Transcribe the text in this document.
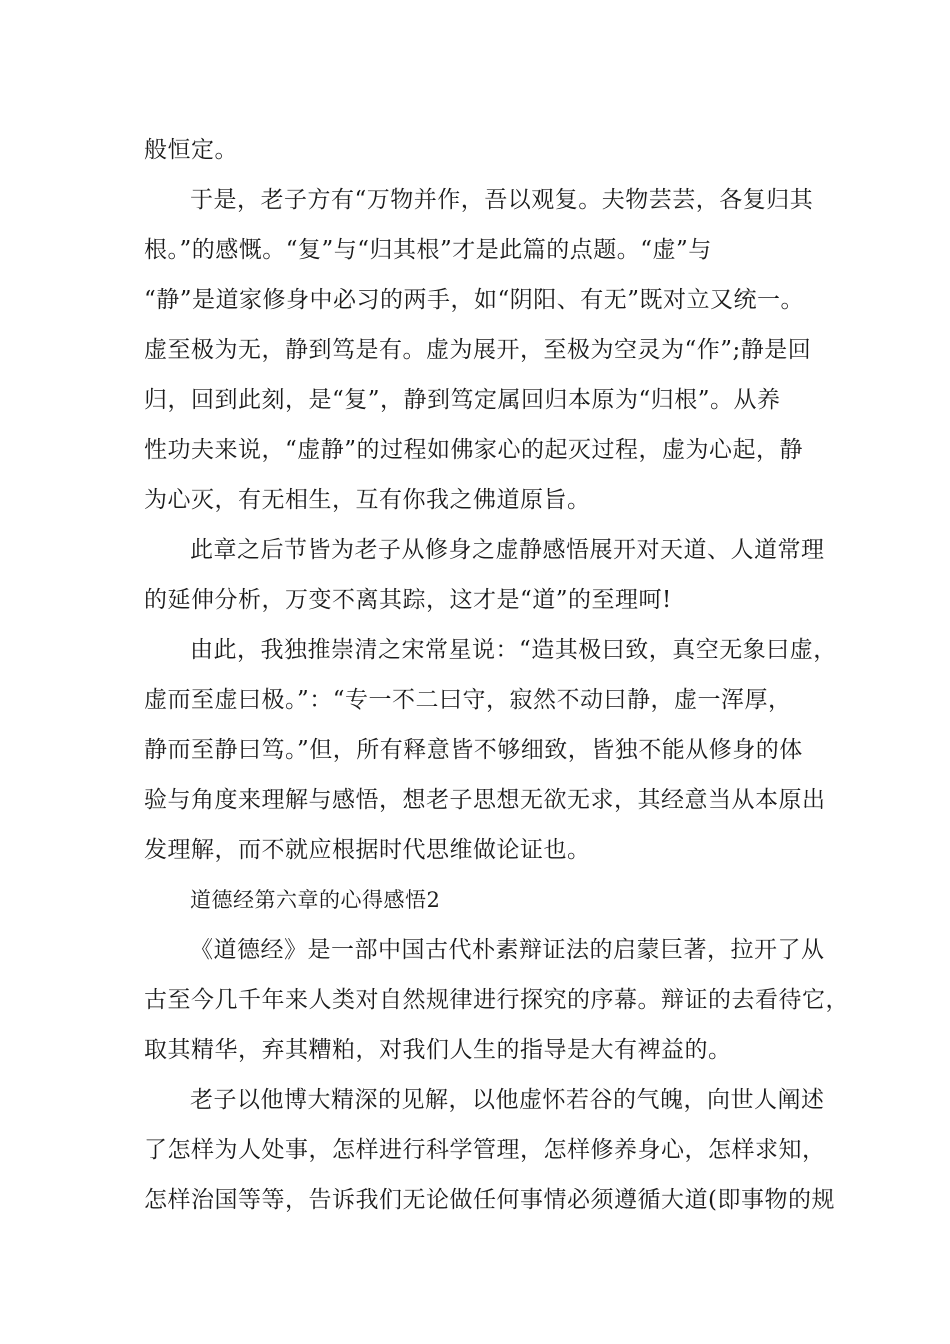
般恒定。
于是，老子方有“万物并作，吾以观复。夫物芸芸，各复归其
根。”的感慨。“复”与“归其根”才是此篇的点题。“虚”与
“静”是道家修身中必习的两手，如“阴阳、有无”既对立又统一。
虚至极为无，静到笃是有。虚为展开，至极为空灵为“作”;静是回
归，回到此刻，是“复”，静到笃定属回归本原为“归根”。从养
性功夫来说，“虚静”的过程如佛家心的起灭过程，虚为心起，静
为心灭，有无相生，互有你我之佛道原旨。
此章之后节皆为老子从修身之虚静感悟展开对天道、人道常理
的延伸分析，万变不离其踪，这才是“道”的至理呵!
由此，我独推崇清之宋常星说：“造其极曰致，真空无象曰虚，
虚而至虚曰极。”：“专一不二曰守，寂然不动曰静，虚一浑厚，
静而至静曰笃。”但，所有释意皆不够细致，皆独不能从修身的体
验与角度来理解与感悟，想老子思想无欲无求，其经意当从本原出
发理解，而不就应根据时代思维做论证也。
道德经第六章的心得感悟2
《道德经》是一部中国古代朴素辩证法的启蒙巨著，拉开了从
古至今几千年来人类对自然规律进行探究的序幕。辩证的去看待它，
取其精华，弃其糟粕，对我们人生的指导是大有裨益的。
老子以他博大精深的见解，以他虚怀若谷的气魄，向世人阐述
了怎样为人处事，怎样进行科学管理，怎样修养身心，怎样求知，
怎样治国等等，告诉我们无论做任何事情必须遵循大道(即事物的规
